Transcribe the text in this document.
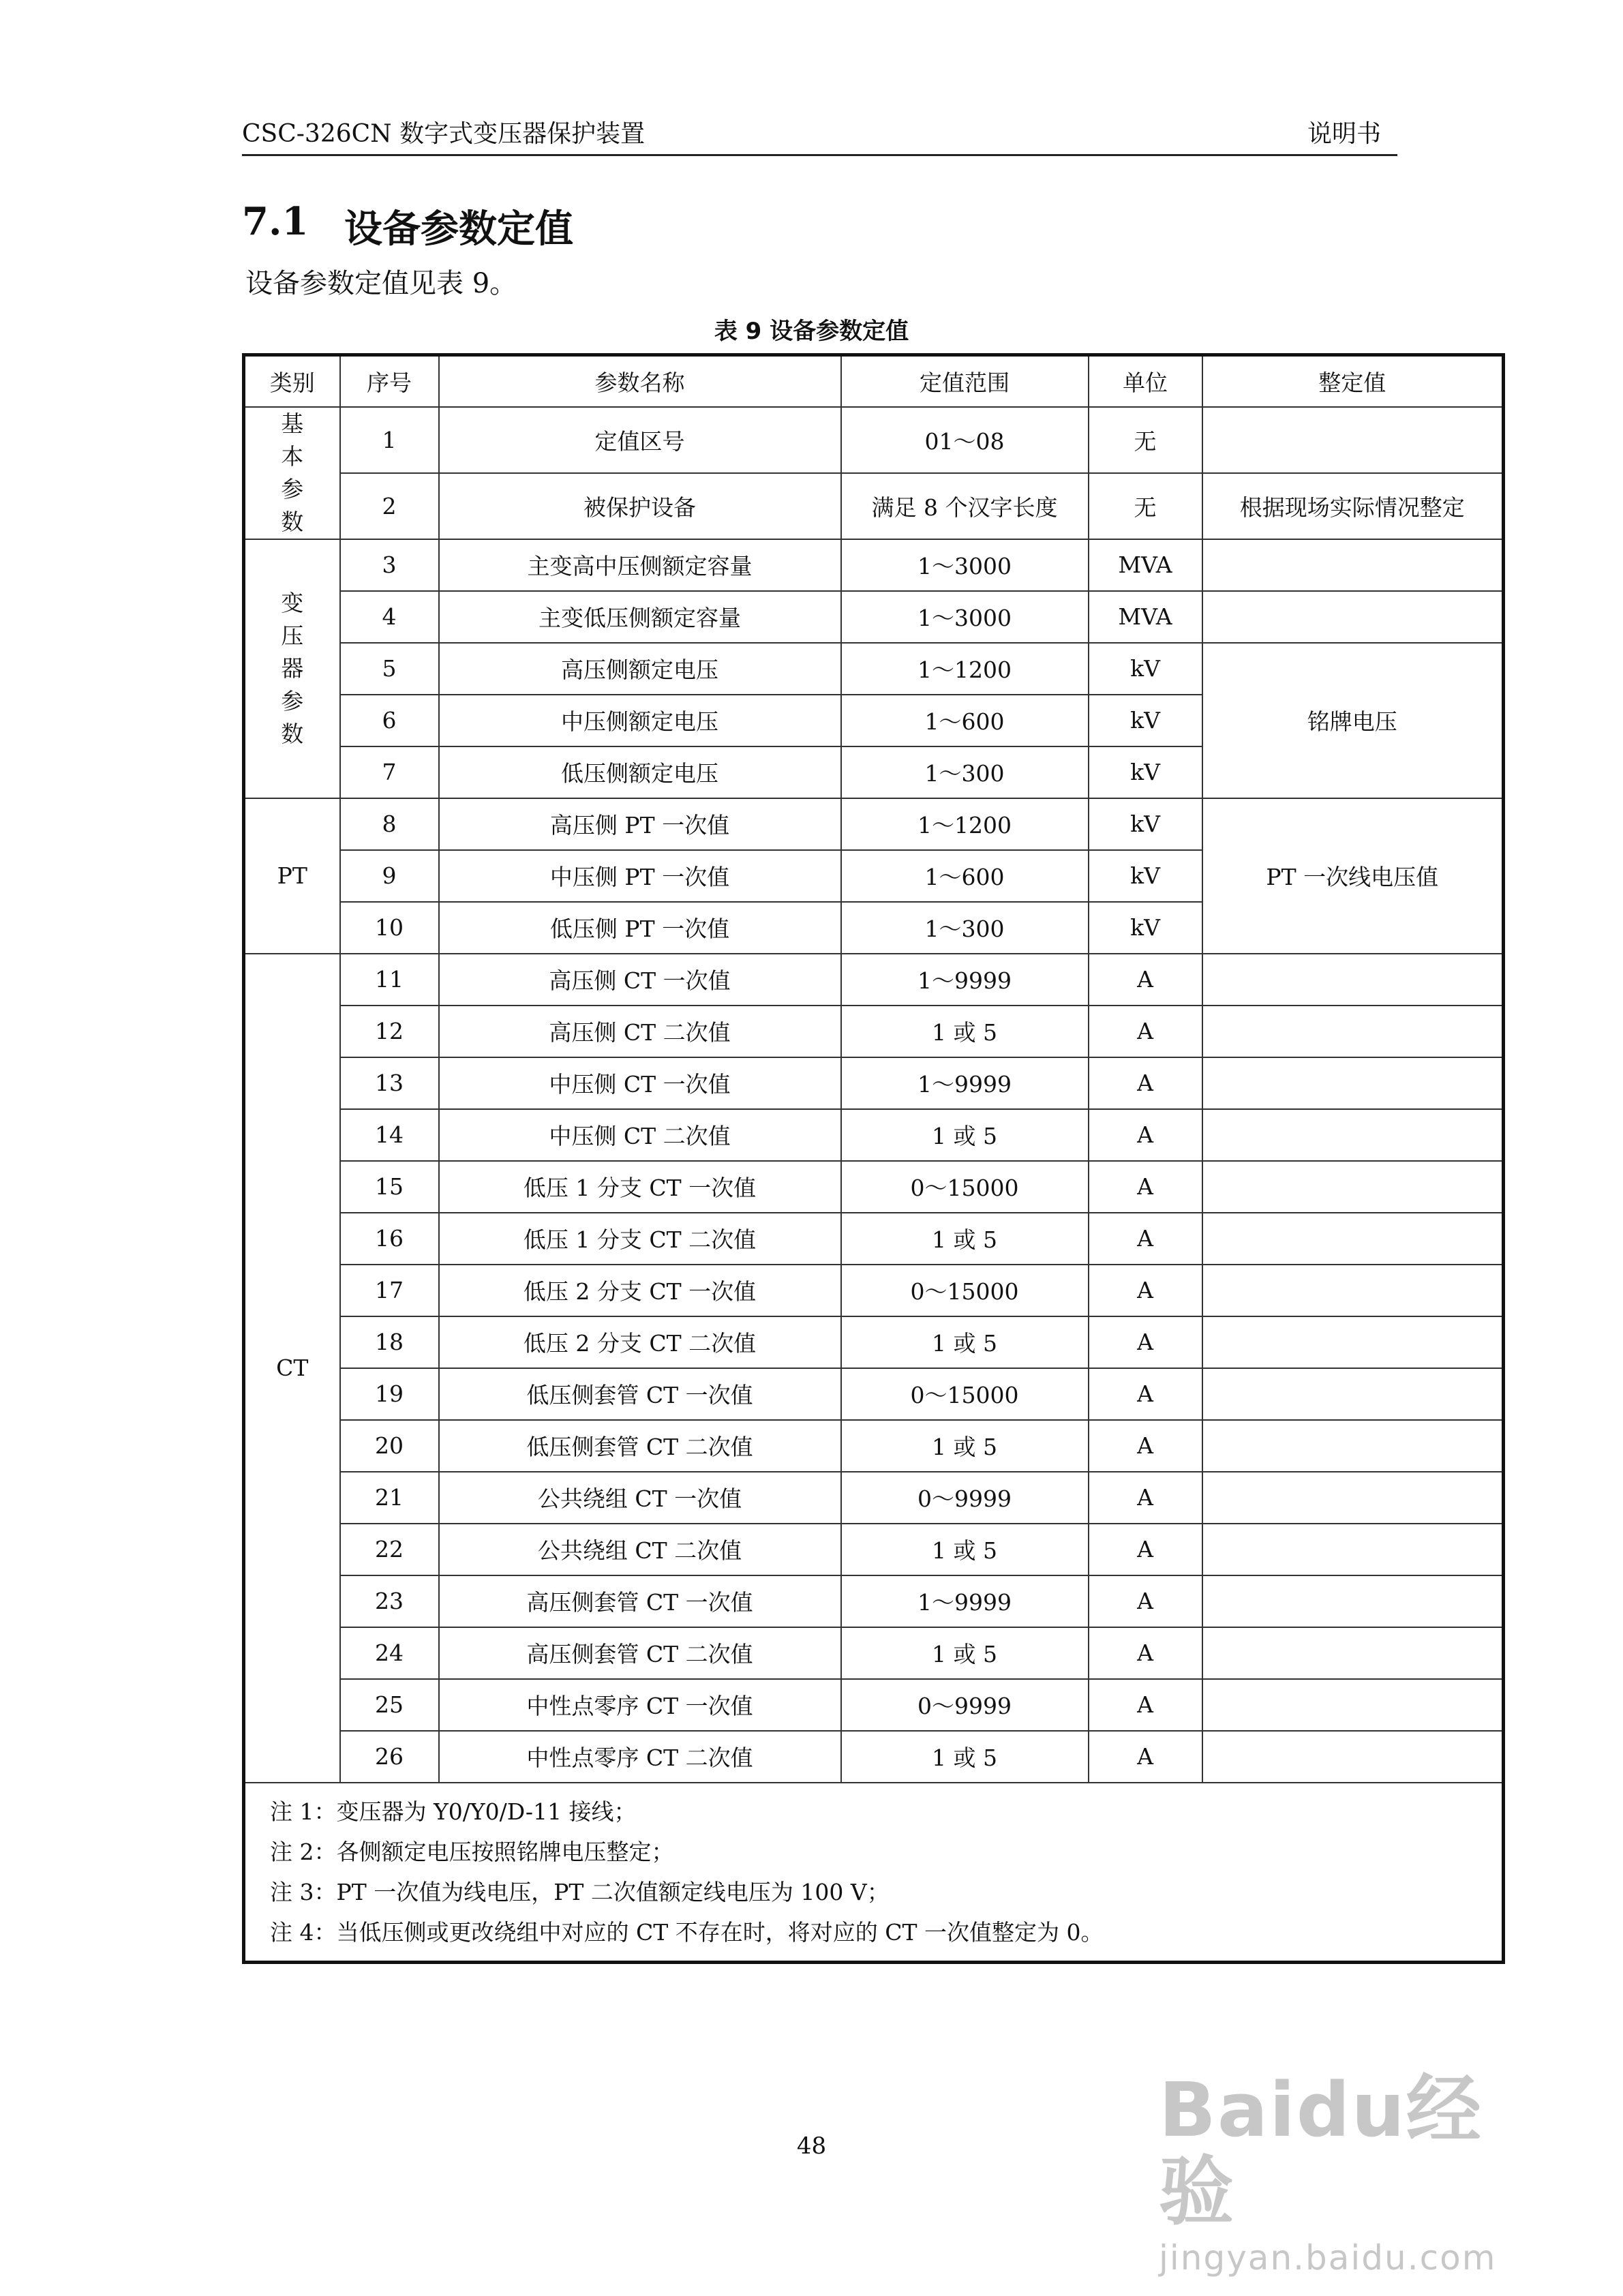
CSC-326CN 数字式变压器保护装置	说明书
7.1 设备参数定值
设备参数定值见表 9。
表 9 设备参数定值
类别	序号	参数名称	定值范围	单位	整定值

基
本
参
数	1	定值区号	01～08	无	
	2	被保护设备	满足 8 个汉字长度	无	根据现场实际情况整定

变
压
器
参
数	3	主变高中压侧额定容量	1～3000	MVA	
	4	主变低压侧额定容量	1～3000	MVA	
	5	高压侧额定电压	1～1200	kV	铭牌电压
	6	中压侧额定电压	1～600	kV	
	7	低压侧额定电压	1～300	kV	
PT	8	高压侧 PT 一次值	1～1200	kV	PT 一次线电压值
	9	中压侧 PT 一次值	1～600	kV	
	10	低压侧 PT 一次值	1～300	kV	
CT	11	高压侧 CT 一次值	1～9999	A	
	12	高压侧 CT 二次值	1 或 5	A	
	13	中压侧 CT 一次值	1～9999	A	
	14	中压侧 CT 二次值	1 或 5	A	
	15	低压 1 分支 CT 一次值	0～15000	A	
	16	低压 1 分支 CT 二次值	1 或 5	A	
	17	低压 2 分支 CT 一次值	0～15000	A	
	18	低压 2 分支 CT 二次值	1 或 5	A	
	19	低压侧套管 CT 一次值	0～15000	A	
	20	低压侧套管 CT 二次值	1 或 5	A	
	21	公共绕组 CT 一次值	0～9999	A	
	22	公共绕组 CT 二次值	1 或 5	A	
	23	高压侧套管 CT 一次值	1～9999	A	
	24	高压侧套管 CT 二次值	1 或 5	A	
	25	中性点零序 CT 一次值	0～9999	A	
	26	中性点零序 CT 二次值	1 或 5	A	

注 1：变压器为 Y0/Y0/D-11 接线；
注 2：各侧额定电压按照铭牌电压整定；
注 3：PT 一次值为线电压，PT 二次值额定线电压为 100 V；
注 4：当低压侧或更改绕组中对应的 CT 不存在时，将对应的 CT 一次值整定为 0。					
48	Baidu经验
jingyan.baidu.com
